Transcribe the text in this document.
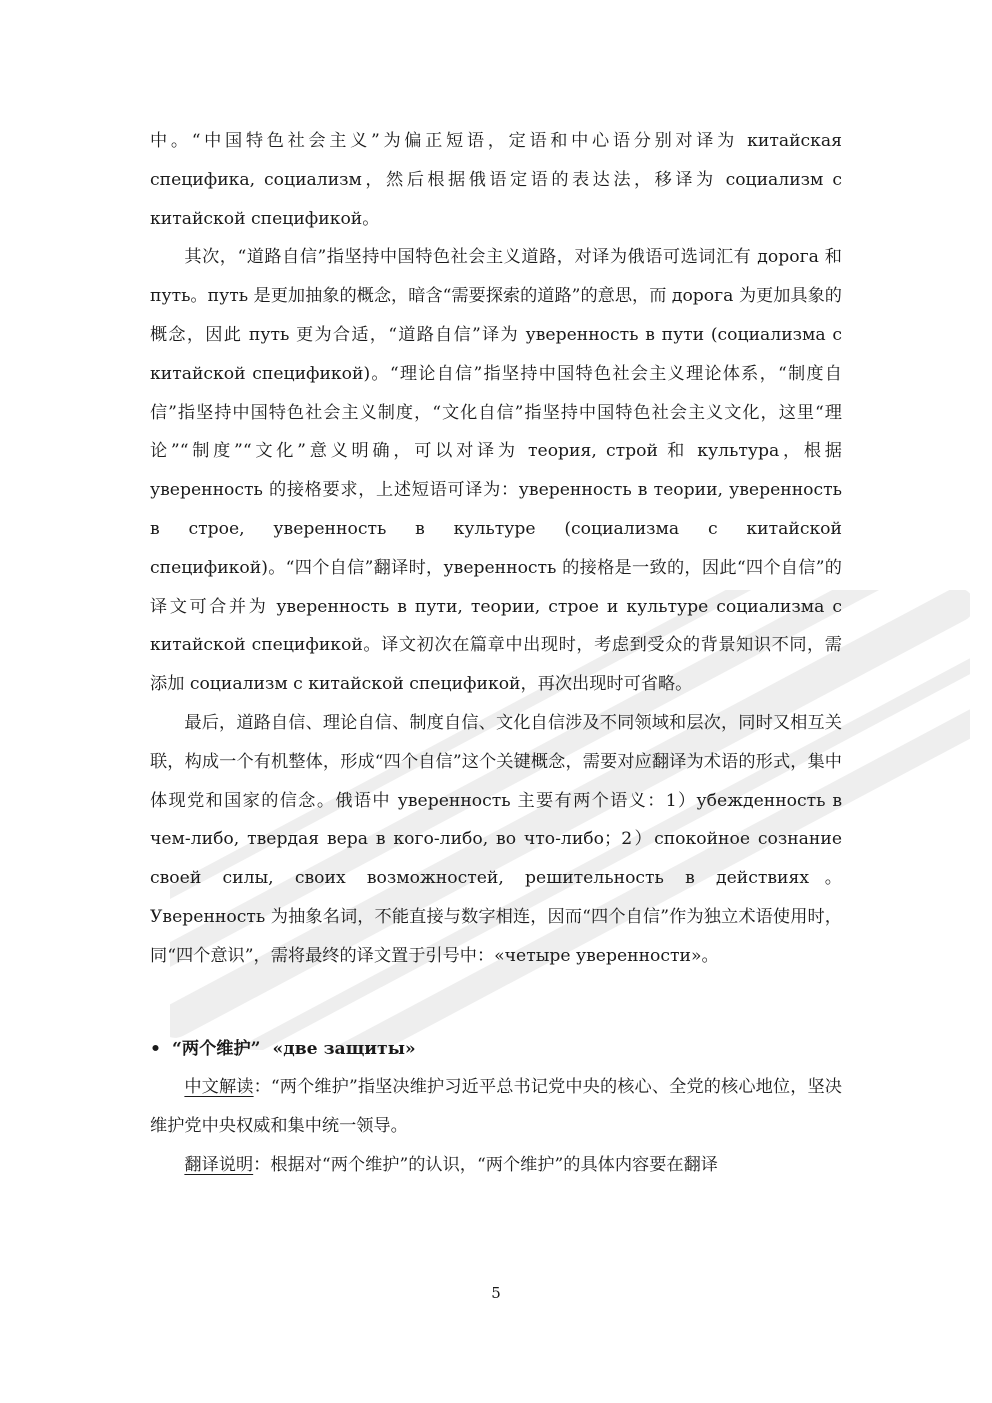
中。“中国特色社会主义”为偏正短语，定语和中心语分别对译为 китайская специфика, социализм，然后根据俄语定语的表达法，移译为 социализм с китайской спецификой。

其次，“道路自信”指坚持中国特色社会主义道路，对译为俄语可选词汇有 дорога 和 путь。путь 是更加抽象的概念，暗含“需要探索的道路”的意思，而 дорога 为更加具象的概念，因此 путь 更为合适，“道路自信”译为 уверенность в пути (социализма с китайской спецификой)。“理论自信”指坚持中国特色社会主义理论体系，“制度自信”指坚持中国特色社会主义制度，“文化自信”指坚持中国特色社会主义文化，这里“理论”“制度”“文化”意义明确，可以对译为 теория, строй 和 культура，根据 уверенность 的接格要求，上述短语可译为：уверенность в теории, уверенность в строе, уверенность в культуре (социализма с китайской спецификой)。“四个自信”翻译时，уверенность 的接格是一致的，因此“四个自信”的译文可合并为 уверенность в пути, теории, строе и культуре социализма с китайской спецификой。译文初次在篇章中出现时，考虑到受众的背景知识不同，需添加 социализм с китайской спецификой，再次出现时可省略。

最后，道路自信、理论自信、制度自信、文化自信涉及不同领域和层次，同时又相互关联，构成一个有机整体，形成“四个自信”这个关键概念，需要对应翻译为术语的形式，集中体现党和国家的信念。俄语中 уверенность 主要有两个语义：1）убежденность в чем-либо, твердая вера в кого-либо, во что-либо；2）спокойное сознание своей силы, своих возможностей, решительность в действиях。Уверенность 为抽象名词，不能直接与数字相连，因而“四个自信”作为独立术语使用时，同“四个意识”，需将最终的译文置于引号中：«четыре уверенности»。

• “两个维护” «две защиты»

中文解读：“两个维护”指坚决维护习近平总书记党中央的核心、全党的核心地位，坚决维护党中央权威和集中统一领导。

翻译说明：根据对“两个维护”的认识，“两个维护”的具体内容要在翻译

5
